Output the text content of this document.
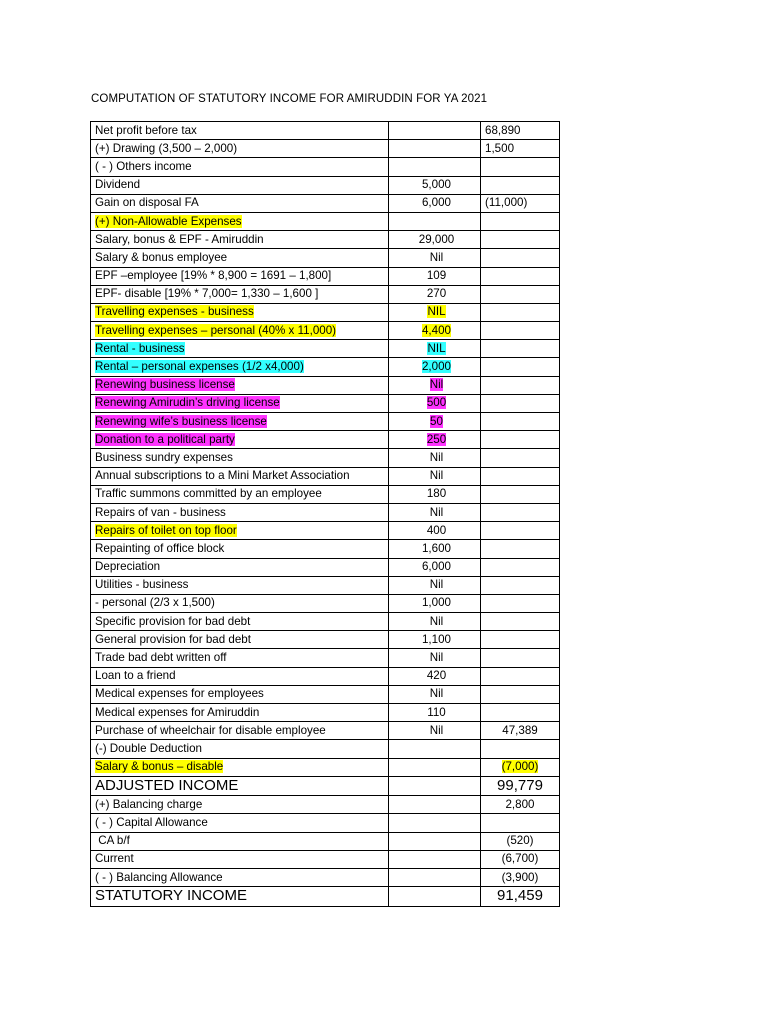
COMPUTATION OF STATUTORY INCOME FOR AMIRUDDIN FOR YA 2021
Net profit before tax		68,890
(+) Drawing (3,500 – 2,000)		1,500
( - ) Others income		
Dividend	5,000	
Gain on disposal FA	6,000	(11,000)
(+) Non-Allowable Expenses		
Salary, bonus & EPF - Amiruddin	29,000	
Salary & bonus employee	Nil	
EPF –employee [19% * 8,900 = 1691 – 1,800]	109	
EPF- disable [19% * 7,000= 1,330 – 1,600 ]	270	
Travelling expenses - business	NIL	
Travelling expenses – personal (40% x 11,000)	4,400	
Rental - business	NIL	
Rental – personal expenses (1/2 x4,000)	2,000	
Renewing business license	Nil	
Renewing Amirudin’s driving license	500	
Renewing wife’s business license	50	
Donation to a political party	250	
Business sundry expenses	Nil	
Annual subscriptions to a Mini Market Association	Nil	
Traffic summons committed by an employee	180	
Repairs of van - business	Nil	
Repairs of toilet on top floor	400	
Repainting of office block	1,600	
Depreciation	6,000	
Utilities - business	Nil	
- personal (2/3 x 1,500)	1,000	
Specific provision for bad debt	Nil	
General provision for bad debt	1,100	
Trade bad debt written off	Nil	
Loan to a friend	420	
Medical expenses for employees	Nil	
Medical expenses for Amiruddin	110	
Purchase of wheelchair for disable employee	Nil	47,389
(-) Double Deduction		
Salary & bonus – disable		(7,000)
ADJUSTED INCOME		99,779
(+) Balancing charge		2,800
( - ) Capital Allowance		
CA b/f		(520)
Current		(6,700)
( - ) Balancing Allowance		(3,900)
STATUTORY INCOME		91,459
